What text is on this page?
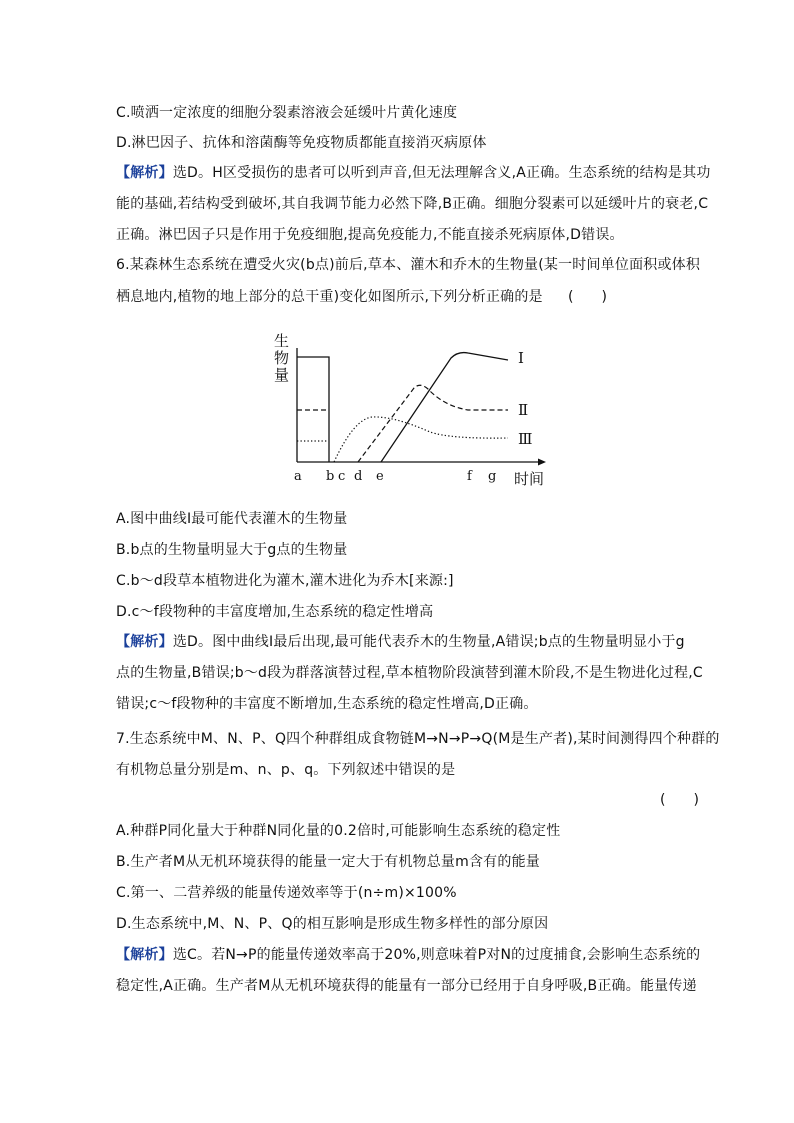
C.喷洒一定浓度的细胞分裂素溶液会延缓叶片黄化速度
D.淋巴因子、抗体和溶菌酶等免疫物质都能直接消灭病原体
【解析】选D。H区受损伤的患者可以听到声音,但无法理解含义,A正确。生态系统的结构是其功
能的基础,若结构受到破坏,其自我调节能力必然下降,B正确。细胞分裂素可以延缓叶片的衰老,C
正确。淋巴因子只是作用于免疫细胞,提高免疫能力,不能直接杀死病原体,D错误。
6.某森林生态系统在遭受火灾(b点)前后,草本、灌木和乔木的生物量(某一时间单位面积或体积
栖息地内,植物的地上部分的总干重)变化如图所示,下列分析正确的是 (　　)
生
物
量
时间
a b c d e	f g
Ⅰ
Ⅱ
Ⅲ
A.图中曲线Ⅰ最可能代表灌木的生物量
B.b点的生物量明显大于g点的生物量
C.b～d段草本植物进化为灌木,灌木进化为乔木[来源:]
D.c～f段物种的丰富度增加,生态系统的稳定性增高
【解析】选D。图中曲线Ⅰ最后出现,最可能代表乔木的生物量,A错误;b点的生物量明显小于g
点的生物量,B错误;b～d段为群落演替过程,草本植物阶段演替到灌木阶段,不是生物进化过程,C
错误;c～f段物种的丰富度不断增加,生态系统的稳定性增高,D正确。
7.生态系统中M、N、P、Q四个种群组成食物链M→N→P→Q(M是生产者),某时间测得四个种群的
有机物总量分别是m、n、p、q。下列叙述中错误的是
(　　)
A.种群P同化量大于种群N同化量的0.2倍时,可能影响生态系统的稳定性
B.生产者M从无机环境获得的能量一定大于有机物总量m含有的能量
C.第一、二营养级的能量传递效率等于(n÷m)×100%
D.生态系统中,M、N、P、Q的相互影响是形成生物多样性的部分原因
【解析】选C。若N→P的能量传递效率高于20%,则意味着P对N的过度捕食,会影响生态系统的
稳定性,A正确。生产者M从无机环境获得的能量有一部分已经用于自身呼吸,B正确。能量传递
